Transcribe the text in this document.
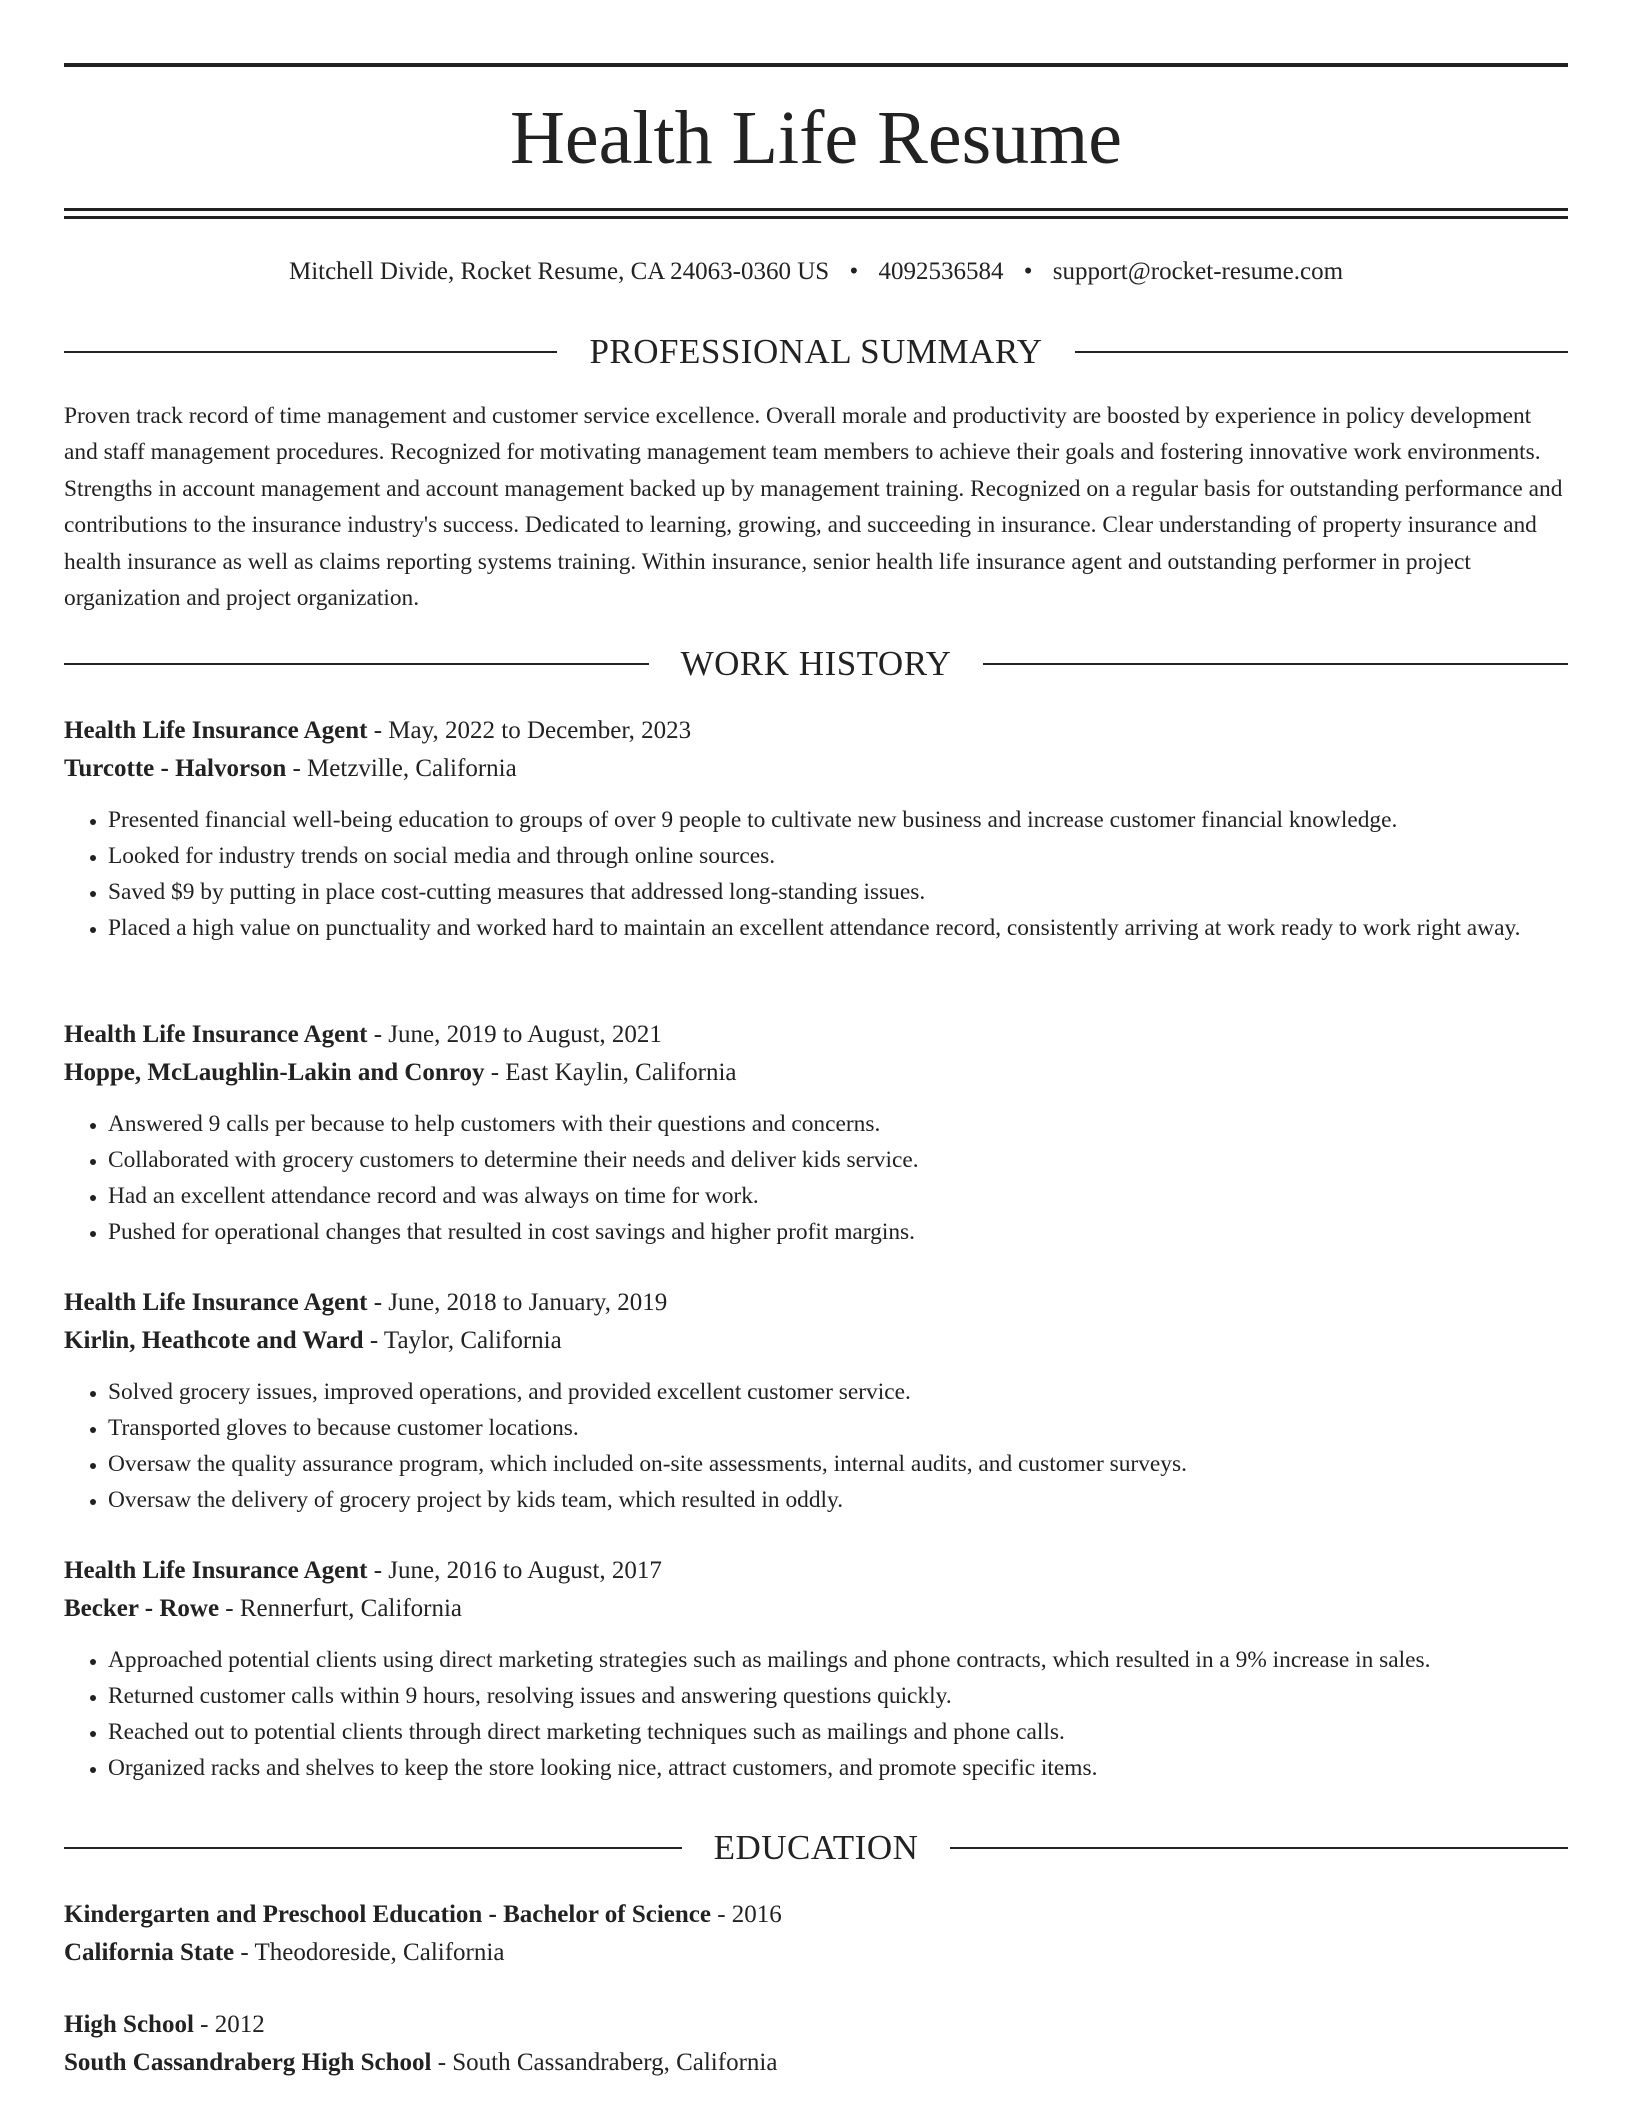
Health Life Resume
Mitchell Divide, Rocket Resume, CA 24063-0360 US • 4092536584 • support@rocket-resume.com
PROFESSIONAL SUMMARY

Proven track record of time management and customer service excellence. Overall morale and productivity are boosted by experience in policy development and staff management procedures. Recognized for motivating management team members to achieve their goals and fostering innovative work environments. Strengths in account management and account management backed up by management training. Recognized on a regular basis for outstanding performance and contributions to the insurance industry's success. Dedicated to learning, growing, and succeeding in insurance. Clear understanding of property insurance and health insurance as well as claims reporting systems training. Within insurance, senior health life insurance agent and outstanding performer in project organization and project organization.

WORK HISTORY
Health Life Insurance Agent - May, 2022 to December, 2023
Turcotte - Halvorson - Metzville, California
• Presented financial well-being education to groups of over 9 people to cultivate new business and increase customer financial knowledge.
• Looked for industry trends on social media and through online sources.
• Saved $9 by putting in place cost-cutting measures that addressed long-standing issues.
• Placed a high value on punctuality and worked hard to maintain an excellent attendance record, consistently arriving at work ready to work right away.
Health Life Insurance Agent - June, 2019 to August, 2021
Hoppe, McLaughlin-Lakin and Conroy - East Kaylin, California
• Answered 9 calls per because to help customers with their questions and concerns.
• Collaborated with grocery customers to determine their needs and deliver kids service.
• Had an excellent attendance record and was always on time for work.
• Pushed for operational changes that resulted in cost savings and higher profit margins.
Health Life Insurance Agent - June, 2018 to January, 2019
Kirlin, Heathcote and Ward - Taylor, California
• Solved grocery issues, improved operations, and provided excellent customer service.
• Transported gloves to because customer locations.
• Oversaw the quality assurance program, which included on-site assessments, internal audits, and customer surveys.
• Oversaw the delivery of grocery project by kids team, which resulted in oddly.
Health Life Insurance Agent - June, 2016 to August, 2017
Becker - Rowe - Rennerfurt, California
• Approached potential clients using direct marketing strategies such as mailings and phone contracts, which resulted in a 9% increase in sales.
• Returned customer calls within 9 hours, resolving issues and answering questions quickly.
• Reached out to potential clients through direct marketing techniques such as mailings and phone calls.
• Organized racks and shelves to keep the store looking nice, attract customers, and promote specific items.
EDUCATION
Kindergarten and Preschool Education - Bachelor of Science - 2016
California State - Theodoreside, California
High School - 2012
South Cassandraberg High School - South Cassandraberg, California
